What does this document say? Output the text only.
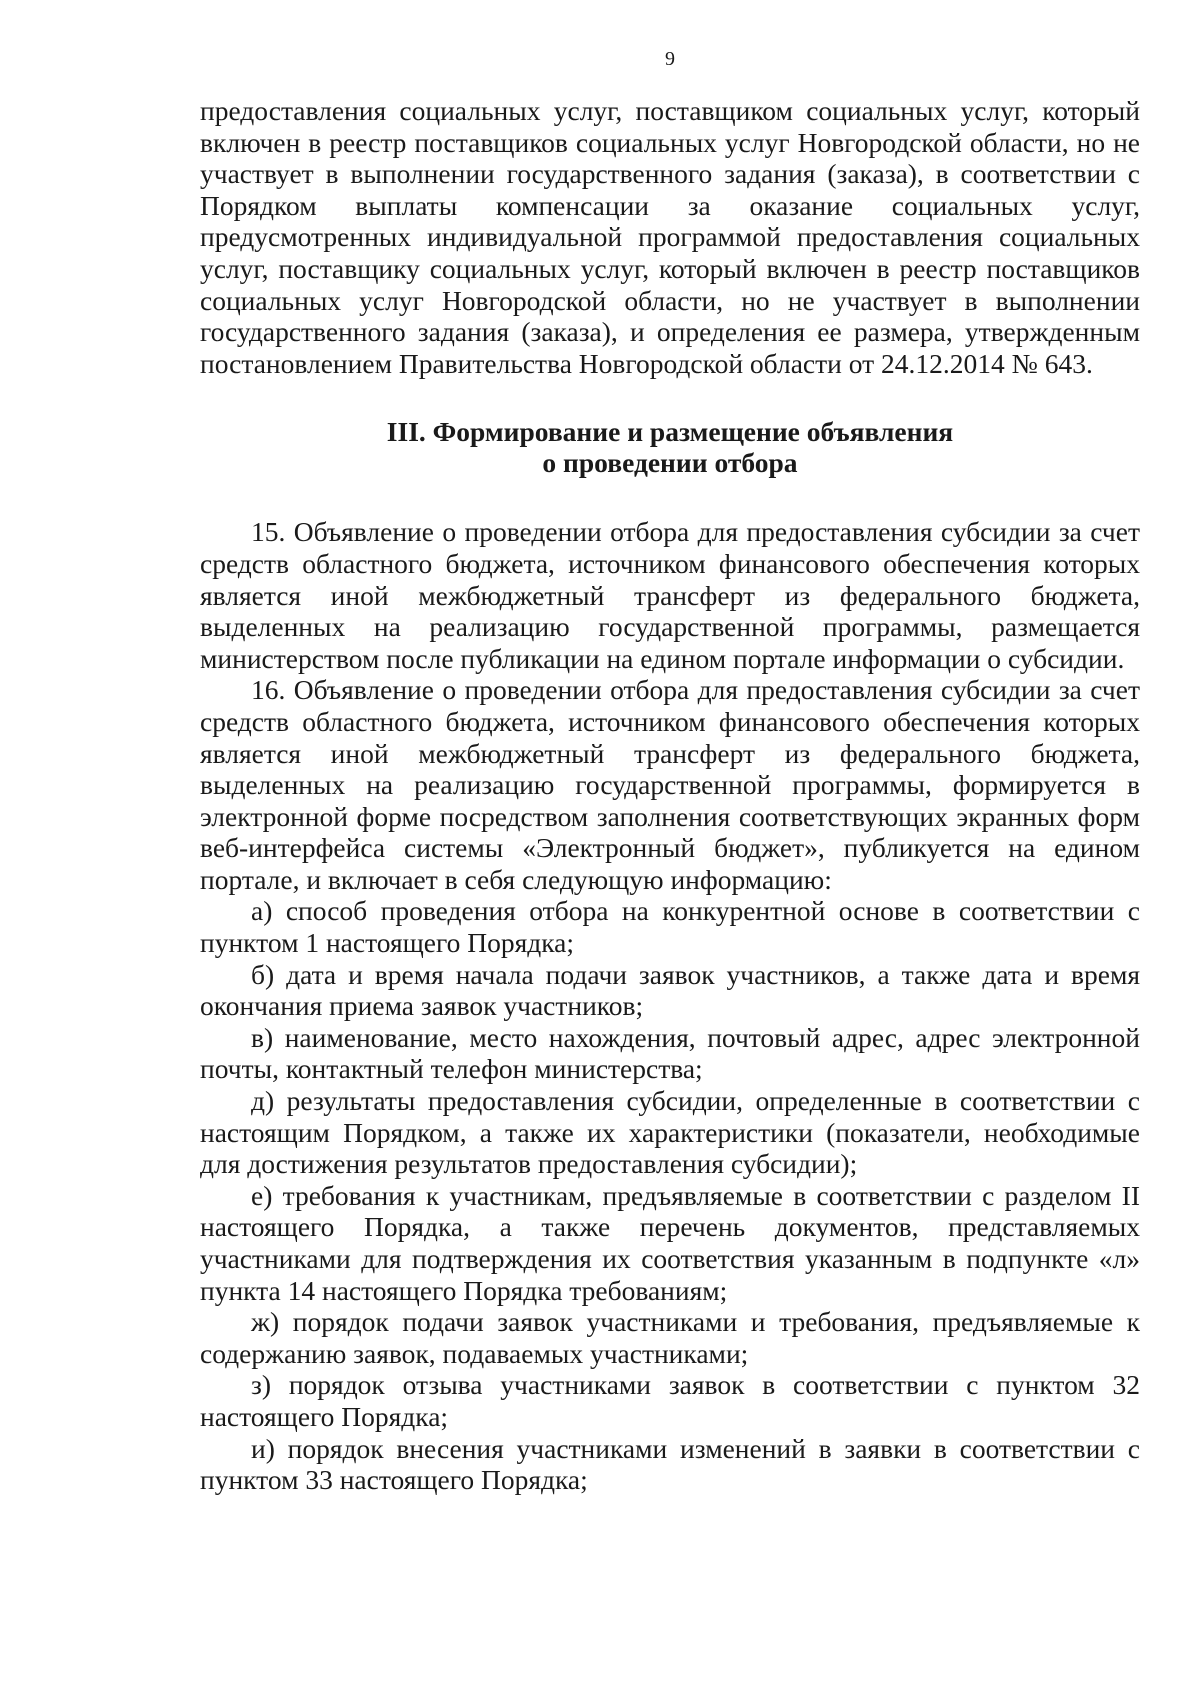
9

предоставления социальных услуг, поставщиком социальных услуг, который включен в реестр поставщиков социальных услуг Новгородской области, но не участвует в выполнении государственного задания (заказа), в соответствии с Порядком выплаты компенсации за оказание социальных услуг, предусмотренных индивидуальной программой предоставления социальных услуг, поставщику социальных услуг, который включен в реестр поставщиков социальных услуг Новгородской области, но не участвует в выполнении государственного задания (заказа), и определения ее размера, утвержденным постановлением Правительства Новгородской области от 24.12.2014 № 643.

III. Формирование и размещение объявления
о проведении отбора

15. Объявление о проведении отбора для предоставления субсидии за счет средств областного бюджета, источником финансового обеспечения которых является иной межбюджетный трансферт из федерального бюджета, выделенных на реализацию государственной программы, размещается министерством после публикации на едином портале информации о субсидии.

16. Объявление о проведении отбора для предоставления субсидии за счет средств областного бюджета, источником финансового обеспечения которых является иной межбюджетный трансферт из федерального бюджета, выделенных на реализацию государственной программы, формируется в электронной форме посредством заполнения соответствующих экранных форм веб-интерфейса системы «Электронный бюджет», публикуется на едином портале, и включает в себя следующую информацию:

а) способ проведения отбора на конкурентной основе в соответствии с пунктом 1 настоящего Порядка;

б) дата и время начала подачи заявок участников, а также дата и время окончания приема заявок участников;

в) наименование, место нахождения, почтовый адрес, адрес электронной почты, контактный телефон министерства;

д) результаты предоставления субсидии, определенные в соответствии с настоящим Порядком, а также их характеристики (показатели, необходимые для достижения результатов предоставления субсидии);

е) требования к участникам, предъявляемые в соответствии с разделом II настоящего Порядка, а также перечень документов, представляемых участниками для подтверждения их соответствия указанным в подпункте «л» пункта 14 настоящего Порядка требованиям;

ж) порядок подачи заявок участниками и требования, предъявляемые к содержанию заявок, подаваемых участниками;

з) порядок отзыва участниками заявок в соответствии с пунктом 32 настоящего Порядка;

и) порядок внесения участниками изменений в заявки в соответствии с пунктом 33 настоящего Порядка;
